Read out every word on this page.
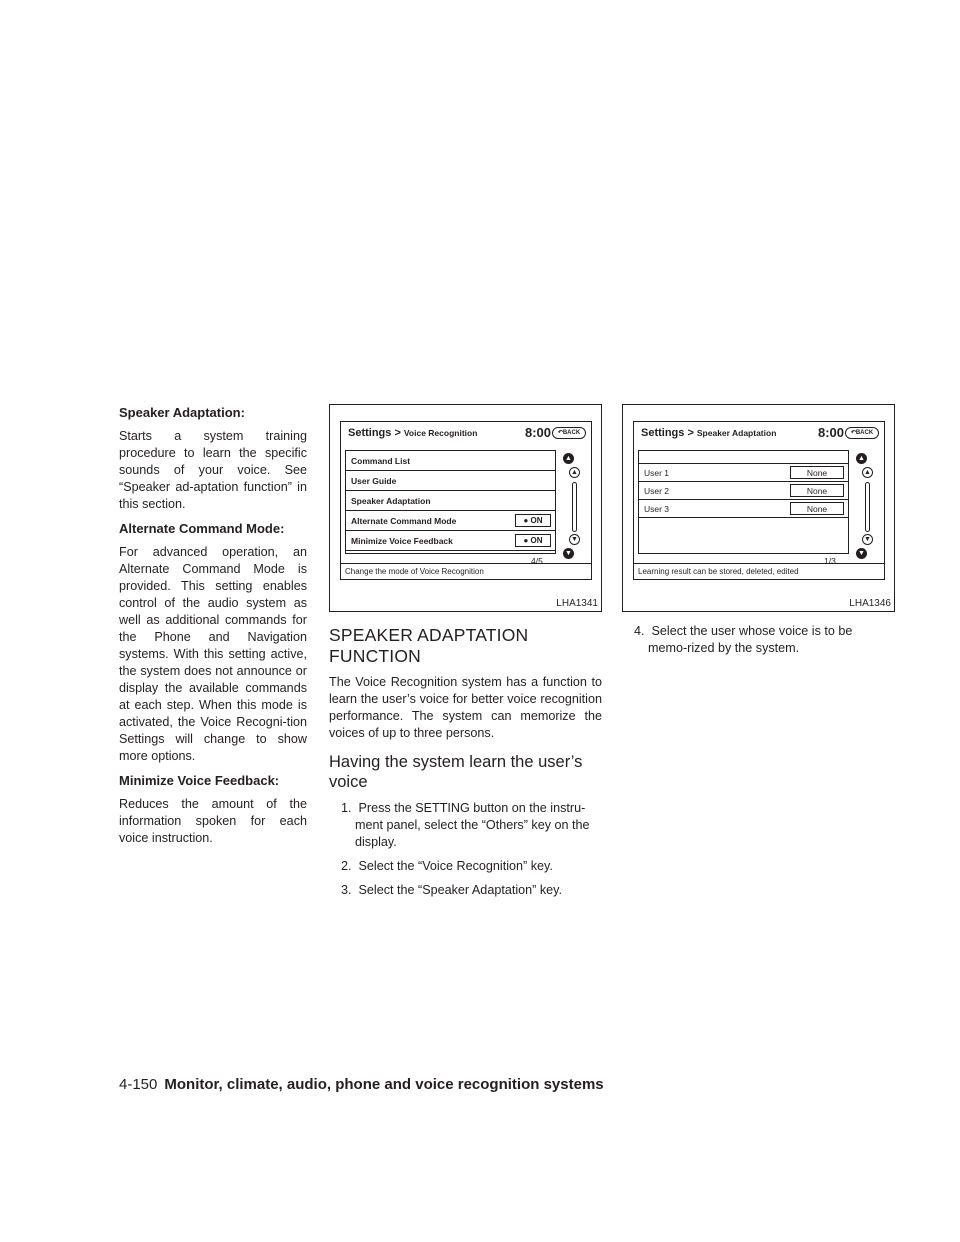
Speaker Adaptation:
Starts a system training procedure to learn the specific sounds of your voice. See “Speaker ad-aptation function” in this section.
Alternate Command Mode:
For advanced operation, an Alternate Command Mode is provided. This setting enables control of the audio system as well as additional commands for the Phone and Navigation systems. With this setting active, the system does not announce or display the available commands at each step. When this mode is activated, the Voice Recogni-tion Settings will change to show more options.
Minimize Voice Feedback:
Reduces the amount of the information spoken for each voice instruction.
Settings > Voice Recognition	8:00	↶BACK
Command List
User Guide
Speaker Adaptation
Alternate Command Mode	● ON
Minimize Voice Feedback	● ON
4/5
▲
▲
▼
▼
Change the mode of Voice Recognition
LHA1341
SPEAKER ADAPTATION FUNCTION
The Voice Recognition system has a function to learn the user’s voice for better voice recognition performance. The system can memorize the voices of up to three persons.
Having the system learn the user’s voice
1. Press the SETTING button on the instru-ment panel, select the “Others” key on the display.
2. Select the “Voice Recognition” key.
3. Select the “Speaker Adaptation” key.
Settings > Speaker Adaptation	8:00	↶BACK
User 1	None
User 2	None
User 3	None
1/3
▲
▲
▼
▼
Learning result can be stored, deleted, edited
LHA1346
4. Select the user whose voice is to be memo-rized by the system.
4-150 Monitor, climate, audio, phone and voice recognition systems
